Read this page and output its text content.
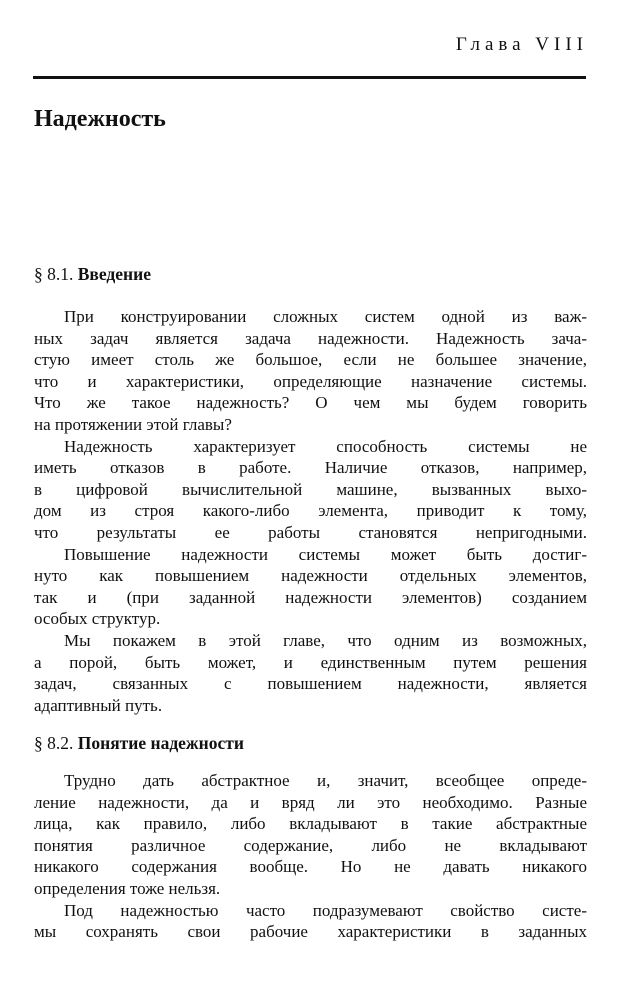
Глава VIII
Надежность
§ 8.1. Введение
При конструировании сложных систем одной из важ-
ных задач является задача надежности. Надежность зача-
стую имеет столь же большое, если не большее значение,
что и характеристики, определяющие назначение системы.
Что же такое надежность? О чем мы будем говорить
на протяжении этой главы?
Надежность характеризует способность системы не
иметь отказов в работе. Наличие отказов, например,
в цифровой вычислительной машине, вызванных выхо-
дом из строя какого-либо элемента, приводит к тому,
что результаты ее работы становятся непригодными.
Повышение надежности системы может быть достиг-
нуто как повышением надежности отдельных элементов,
так и (при заданной надежности элементов) созданием
особых структур.
Мы покажем в этой главе, что одним из возможных,
а порой, быть может, и единственным путем решения
задач, связанных с повышением надежности, является
адаптивный путь.
§ 8.2. Понятие надежности
Трудно дать абстрактное и, значит, всеобщее опреде-
ление надежности, да и вряд ли это необходимо. Разные
лица, как правило, либо вкладывают в такие абстрактные
понятия различное содержание, либо не вкладывают
никакого содержания вообще. Но не давать никакого
определения тоже нельзя.
Под надежностью часто подразумевают свойство систе-
мы сохранять свои рабочие характеристики в заданных
